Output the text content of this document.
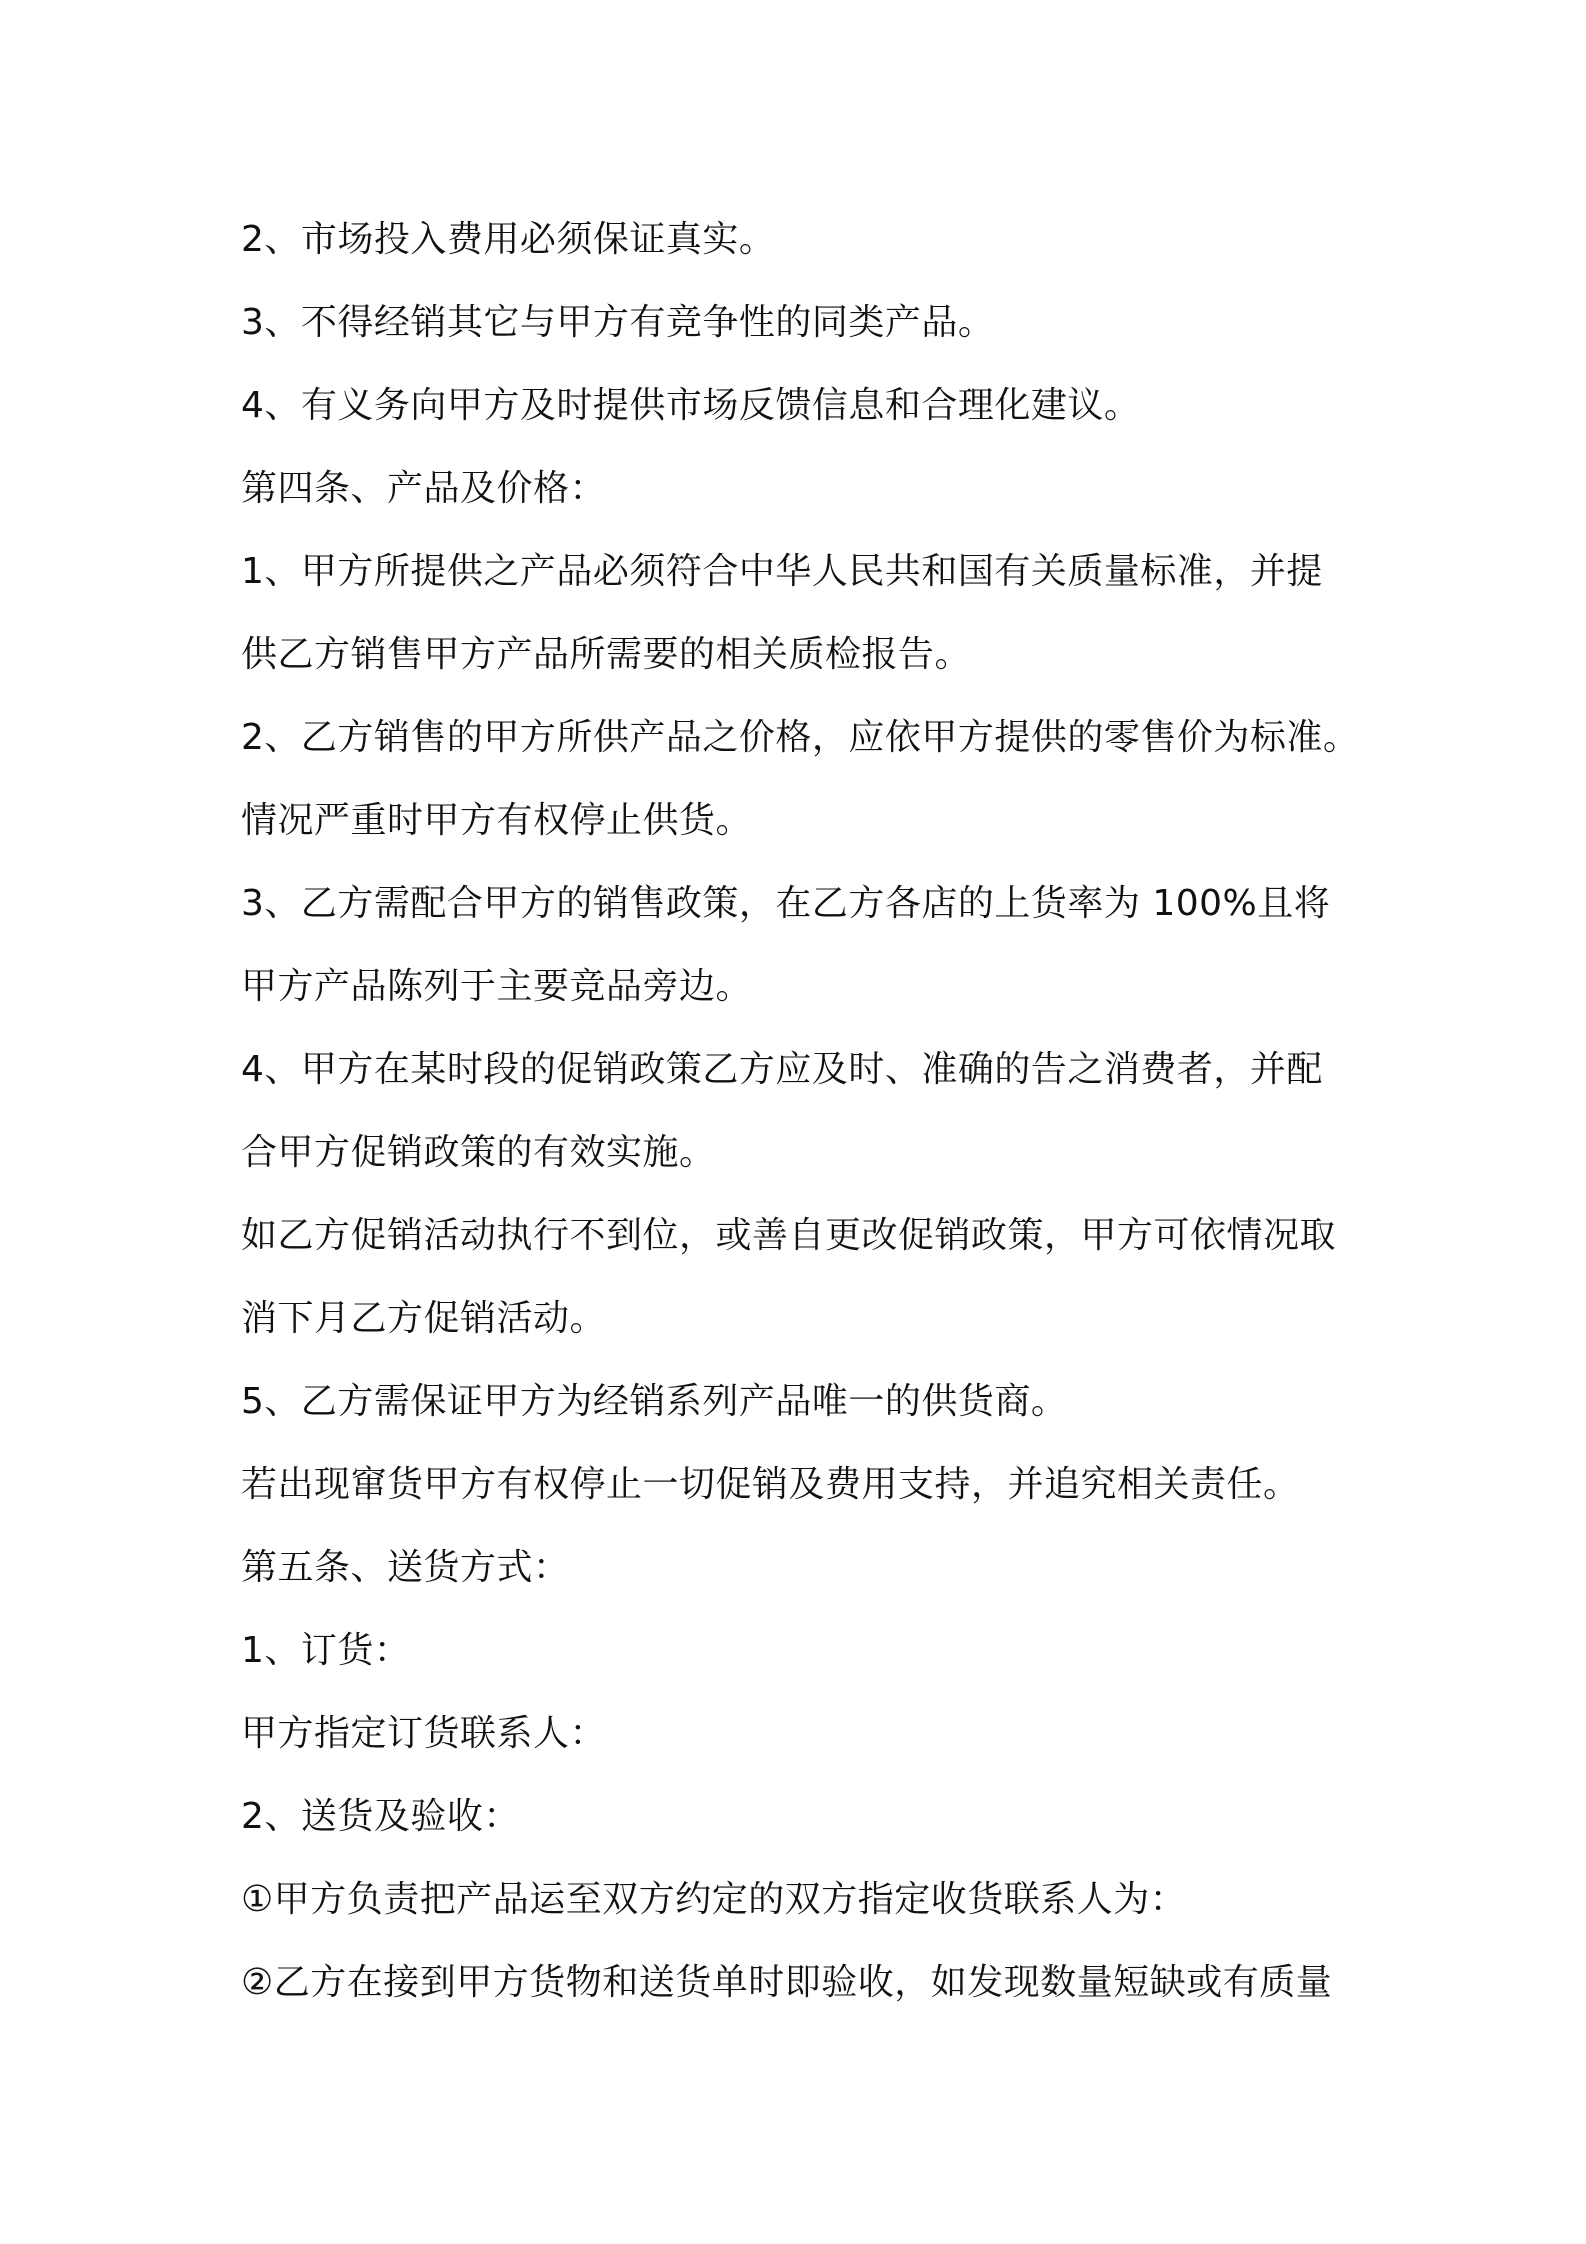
2、市场投入费用必须保证真实。
3、不得经销其它与甲方有竞争性的同类产品。
4、有义务向甲方及时提供市场反馈信息和合理化建议。
第四条、产品及价格：
1、甲方所提供之产品必须符合中华人民共和国有关质量标准，并提
供乙方销售甲方产品所需要的相关质检报告。
2、乙方销售的甲方所供产品之价格，应依甲方提供的零售价为标准。
情况严重时甲方有权停止供货。
3、乙方需配合甲方的销售政策，在乙方各店的上货率为 100%且将
甲方产品陈列于主要竞品旁边。
4、甲方在某时段的促销政策乙方应及时、准确的告之消费者，并配
合甲方促销政策的有效实施。
如乙方促销活动执行不到位，或善自更改促销政策，甲方可依情况取
消下月乙方促销活动。
5、乙方需保证甲方为经销系列产品唯一的供货商。
若出现窜货甲方有权停止一切促销及费用支持，并追究相关责任。
第五条、送货方式：
1、订货：
甲方指定订货联系人：
2、送货及验收：
①甲方负责把产品运至双方约定的双方指定收货联系人为：
②乙方在接到甲方货物和送货单时即验收，如发现数量短缺或有质量
